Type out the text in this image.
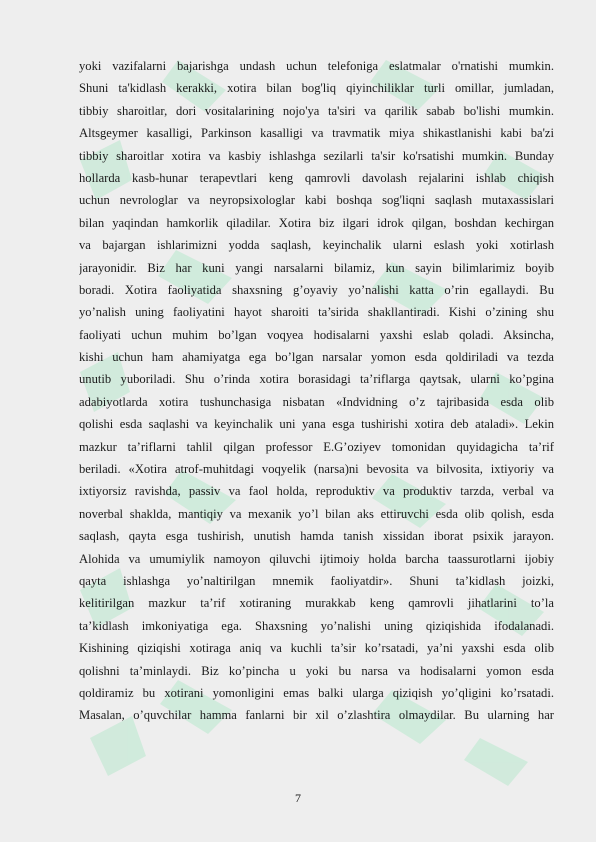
yoki vazifalarni bajarishga undash uchun telefoniga eslatmalar o'rnatishi mumkin.
Shuni ta'kidlash kerakki, xotira bilan bog'liq qiyinchiliklar turli omillar, jumladan,
tibbiy sharoitlar, dori vositalarining nojo'ya ta'siri va qarilik sabab bo'lishi mumkin.
Altsgeymer kasalligi, Parkinson kasalligi va travmatik miya shikastlanishi kabi ba'zi
tibbiy sharoitlar xotira va kasbiy ishlashga sezilarli ta'sir ko'rsatishi mumkin. Bunday
hollarda kasb-hunar terapevtlari keng qamrovli davolash rejalarini ishlab chiqish
uchun nevrologlar va neyropsixologlar kabi boshqa sog'liqni saqlash mutaxassislari
bilan yaqindan hamkorlik qiladilar. Xotira biz ilgari idrok qilgan, boshdan kechirgan
va bajargan ishlarimizni yodda saqlash, keyinchalik ularni eslash yoki xotirlash
jarayonidir. Biz har kuni yangi narsalarni bilamiz, kun sayin bilimlarimiz boyib
boradi. Xotira faoliyatida shaxsning g’oyaviy yo’nalishi katta o’rin egallaydi. Bu
yo’nalish uning faoliyatini hayot sharoiti ta’sirida shakllantiradi. Kishi o’zining shu
faoliyati uchun muhim bo’lgan voqyea hodisalarni yaxshi eslab qoladi. Aksincha,
kishi uchun ham ahamiyatga ega bo’lgan narsalar yomon esda qoldiriladi va tezda
unutib yuboriladi. Shu o’rinda xotira borasidagi ta’riflarga qaytsak, ularni ko’pgina
adabiyotlarda xotira tushunchasiga nisbatan «Indvidning o’z tajribasida esda olib
qolishi esda saqlashi va keyinchalik uni yana esga tushirishi xotira deb ataladi». Lekin
mazkur ta’riflarni tahlil qilgan professor E.G’oziyev tomonidan quyidagicha ta’rif
beriladi. «Xotira atrof-muhitdagi voqyelik (narsa)ni bevosita va bilvosita, ixtiyoriy va
ixtiyorsiz ravishda, passiv va faol holda, reproduktiv va produktiv tarzda, verbal va
noverbal shaklda, mantiqiy va mexanik yo’l bilan aks ettiruvchi esda olib qolish, esda
saqlash, qayta esga tushirish, unutish hamda tanish xissidan iborat psixik jarayon.
Alohida va umumiylik namoyon qiluvchi ijtimoiy holda barcha taassurotlarni ijobiy
qayta ishlashga yo’naltirilgan mnemik faoliyatdir». Shuni ta’kidlash joizki,
kelitirilgan mazkur ta’rif xotiraning murakkab keng qamrovli jihatlarini to’la
ta’kidlash imkoniyatiga ega. Shaxsning yo’nalishi uning qiziqishida ifodalanadi.
Kishining qiziqishi xotiraga aniq va kuchli ta’sir ko’rsatadi, ya’ni yaxshi esda olib
qolishni ta’minlaydi. Biz ko’pincha u yoki bu narsa va hodisalarni yomon esda
qoldiramiz bu xotirani yomonligini emas balki ularga qiziqish yo’qligini ko’rsatadi.
Masalan, o’quvchilar hamma fanlarni bir xil o’zlashtira olmaydilar. Bu ularning har
7
